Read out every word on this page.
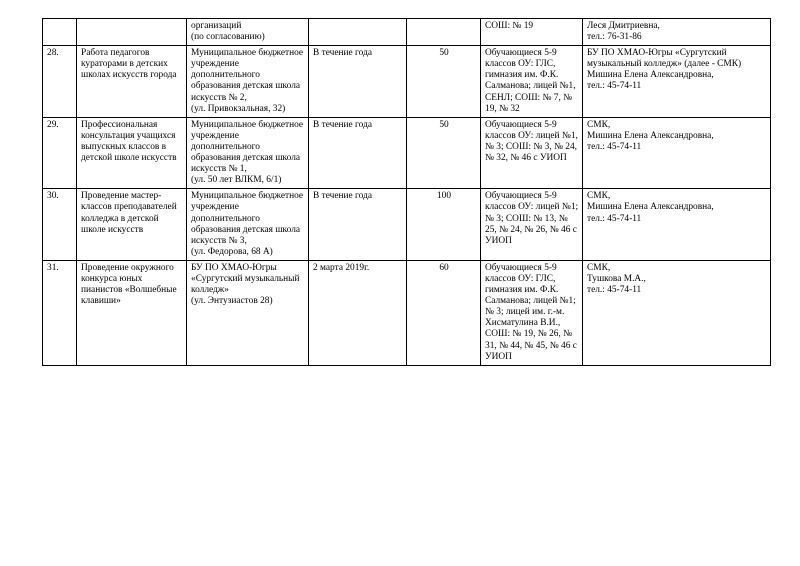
		организаций
(по согласованию)			СОШ: № 19	Леся Дмитриевна,
тел.: 76-31-86

28.	Работа педагогов кураторами в детских школах искусств города	Муниципальное бюджетное учреждение дополнительного образования детская школа искусств № 2,
(ул. Привокзальная, 32)	В течение года	50	Обучающиеся 5-9 классов ОУ: ГЛС, гимназия им. Ф.К. Салманова; лицей №1, СЕНЛ; СОШ: № 7, № 19, № 32	БУ ПО ХМАО-Югры «Сургутский музыкальный колледж» (далее - СМК)
Мишина Елена Александровна,
тел.: 45-74-11

29.	Профессиональная консультация учащихся выпускных классов в детской школе искусств	Муниципальное бюджетное учреждение дополнительного образования детская школа искусств № 1,
(ул. 50 лет ВЛКМ, 6/1)	В течение года	50	Обучающиеся 5-9 классов ОУ: лицей №1, № 3; СОШ: № 3, № 24, № 32, № 46 с УИОП	СМК,
Мишина Елена Александровна,
тел.: 45-74-11

30.	Проведение мастер-классов преподавателей колледжа в детской школе искусств	Муниципальное бюджетное учреждение дополнительного образования детская школа искусств № 3,
(ул. Федорова, 68 А)	В течение года	100	Обучающиеся 5-9 классов ОУ: лицей №1; № 3; СОШ: № 13, № 25, № 24, № 26, № 46 с УИОП	СМК,
Мишина Елена Александровна,
тел.: 45-74-11

31.	Проведение окружного конкурса юных пианистов «Волшебные клавиши»	БУ ПО ХМАО-Югры «Сургутский музыкальный колледж»
(ул. Энтузиастов 28)	2 марта 2019г.	60	Обучающиеся 5-9 классов ОУ: ГЛС, гимназия им. Ф.К. Салманова; лицей №1; № 3; лицей им. г.-м. Хисматулина В.И., СОШ: № 19, № 26, № 31, № 44, № 45, № 46 с УИОП	СМК,
Тушкова М.А.,
тел.: 45-74-11
